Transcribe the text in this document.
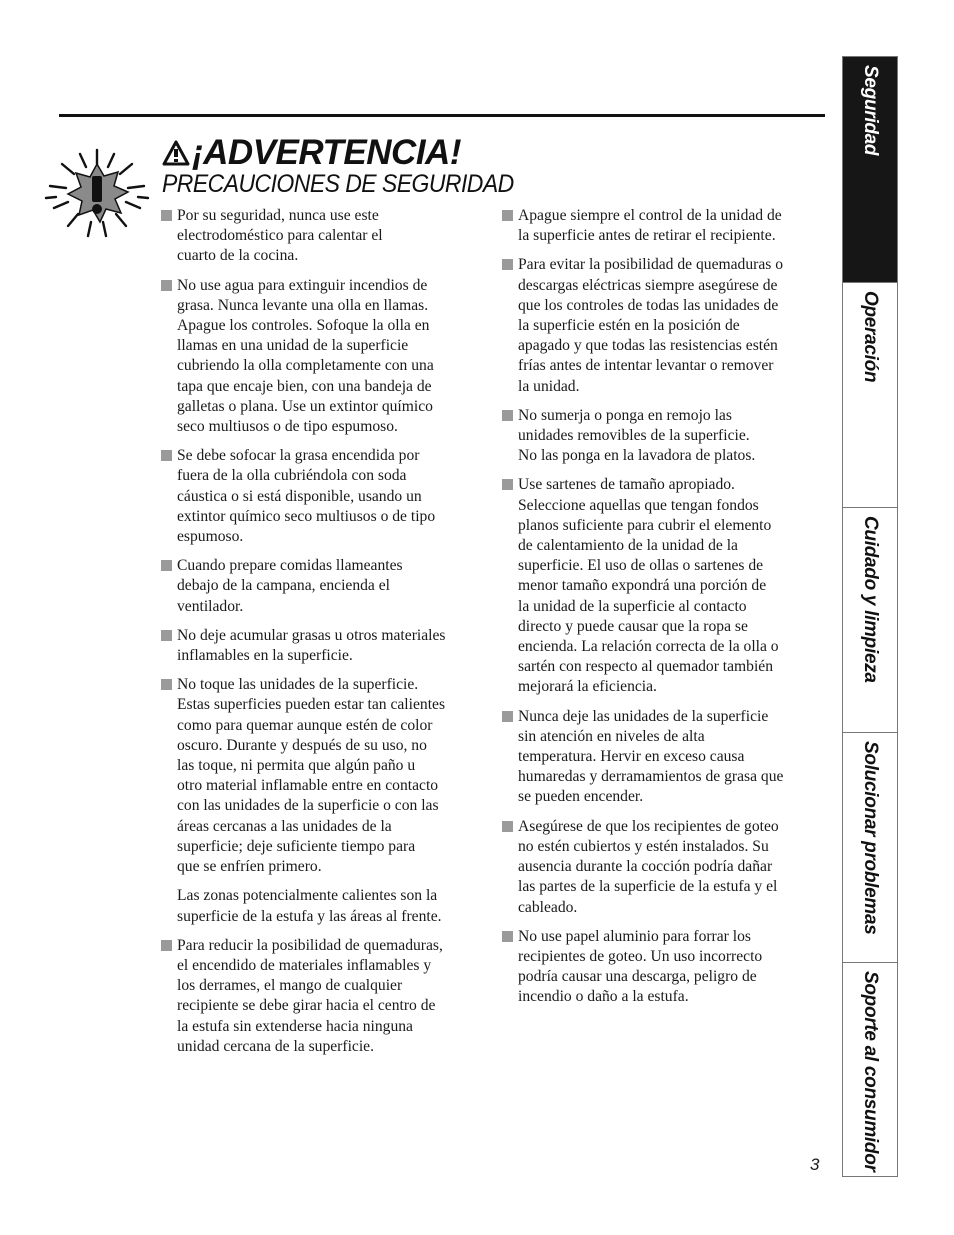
¡ADVERTENCIA!
PRECAUCIONES DE SEGURIDAD
Por su seguridad, nunca use este
electrodoméstico para calentar el
cuarto de la cocina.
No use agua para extinguir incendios de
grasa. Nunca levante una olla en llamas.
Apague los controles. Sofoque la olla en
llamas en una unidad de la superficie
cubriendo la olla completamente con una
tapa que encaje bien, con una bandeja de
galletas o plana. Use un extintor químico
seco multiusos o de tipo espumoso.
Se debe sofocar la grasa encendida por
fuera de la olla cubriéndola con soda
cáustica o si está disponible, usando un
extintor químico seco multiusos o de tipo
espumoso.
Cuando prepare comidas llameantes
debajo de la campana, encienda el
ventilador.
No deje acumular grasas u otros materiales
inflamables en la superficie.
No toque las unidades de la superficie.
Estas superficies pueden estar tan calientes
como para quemar aunque estén de color
oscuro. Durante y después de su uso, no
las toque, ni permita que algún paño u
otro material inflamable entre en contacto
con las unidades de la superficie o con las
áreas cercanas a las unidades de la
superficie; deje suficiente tiempo para
que se enfríen primero.
Las zonas potencialmente calientes son la
superficie de la estufa y las áreas al frente.
Para reducir la posibilidad de quemaduras,
el encendido de materiales inflamables y
los derrames, el mango de cualquier
recipiente se debe girar hacia el centro de
la estufa sin extenderse hacia ninguna
unidad cercana de la superficie.
Apague siempre el control de la unidad de
la superficie antes de retirar el recipiente.
Para evitar la posibilidad de quemaduras o
descargas eléctricas siempre asegúrese de
que los controles de todas las unidades de
la superficie estén en la posición de
apagado y que todas las resistencias estén
frías antes de intentar levantar o remover
la unidad.
No sumerja o ponga en remojo las
unidades removibles de la superficie.
No las ponga en la lavadora de platos.
Use sartenes de tamaño apropiado.
Seleccione aquellas que tengan fondos
planos suficiente para cubrir el elemento
de calentamiento de la unidad de la
superficie. El uso de ollas o sartenes de
menor tamaño expondrá una porción de
la unidad de la superficie al contacto
directo y puede causar que la ropa se
encienda. La relación correcta de la olla o
sartén con respecto al quemador también
mejorará la eficiencia.
Nunca deje las unidades de la superficie
sin atención en niveles de alta
temperatura. Hervir en exceso causa
humaredas y derramamientos de grasa que
se pueden encender.
Asegúrese de que los recipientes de goteo
no estén cubiertos y estén instalados. Su
ausencia durante la cocción podría dañar
las partes de la superficie de la estufa y el
cableado.
No use papel aluminio para forrar los
recipientes de goteo. Un uso incorrecto
podría causar una descarga, peligro de
incendio o daño a la estufa.
3
Seguridad
Operación
Cuidado y limpieza
Solucionar problemas
Soporte al consumidor
